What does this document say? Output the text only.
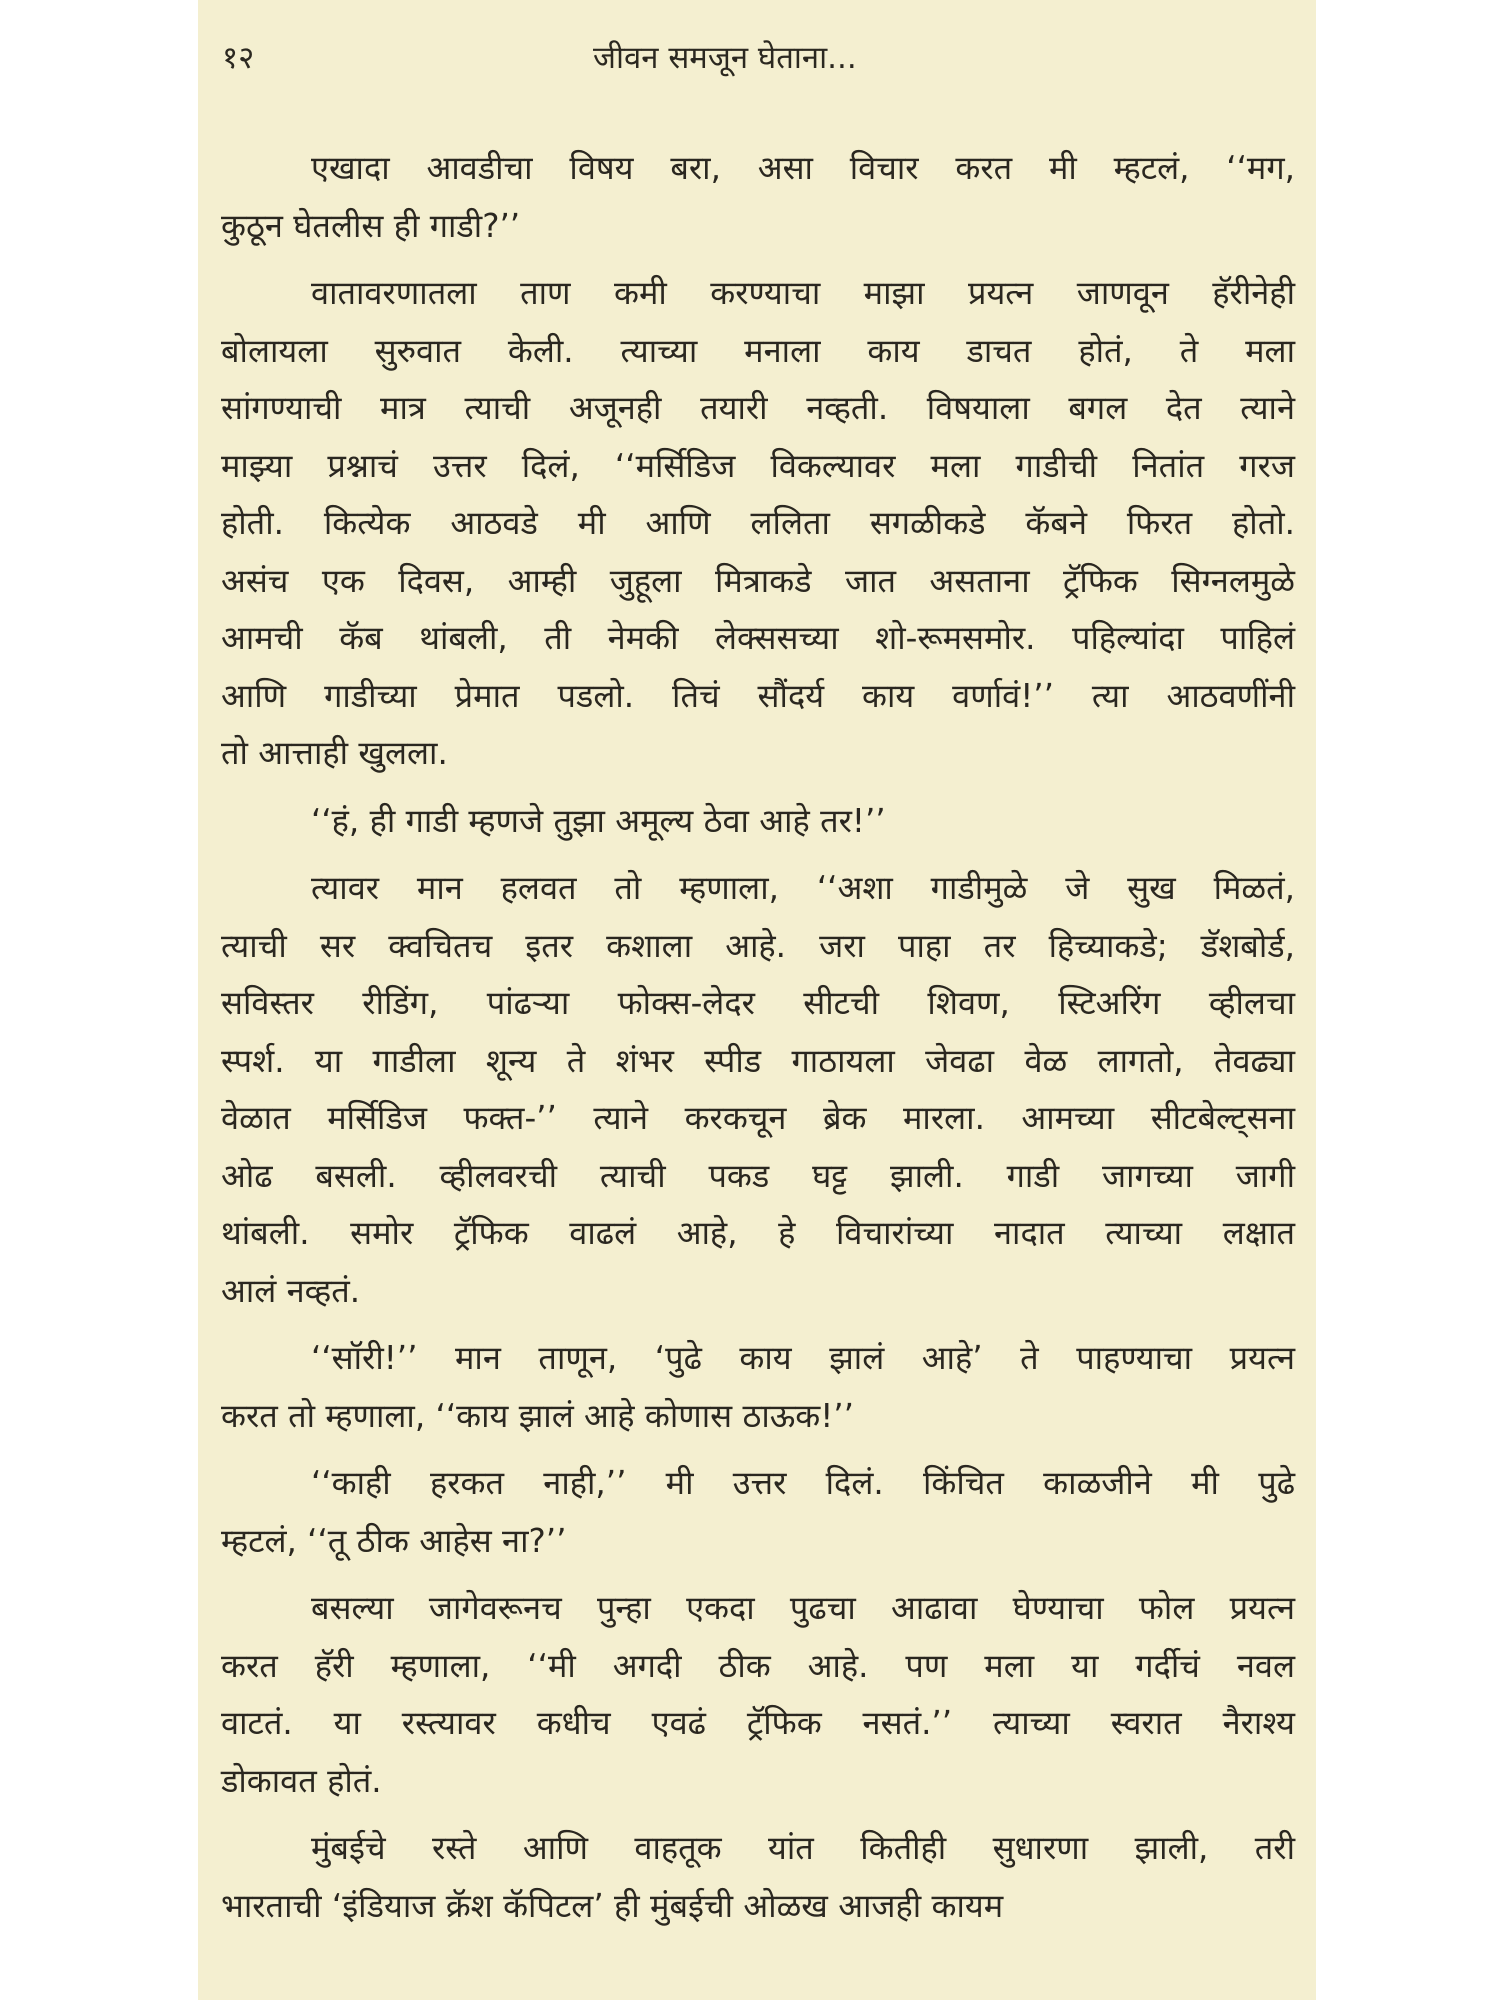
१२	जीवन समजून घेताना...
एखादा आवडीचा विषय बरा, असा विचार करत मी म्हटलं, ‘‘मग,
कुठून घेतलीस ही गाडी?’’
वातावरणातला ताण कमी करण्याचा माझा प्रयत्न जाणवून हॅरीनेही
बोलायला सुरुवात केली. त्याच्या मनाला काय डाचत होतं, ते मला
सांगण्याची मात्र त्याची अजूनही तयारी नव्हती. विषयाला बगल देत त्याने
माझ्या प्रश्नाचं उत्तर दिलं, ‘‘मर्सिडिज विकल्यावर मला गाडीची नितांत गरज
होती. कित्येक आठवडे मी आणि ललिता सगळीकडे कॅबने फिरत होतो.
असंच एक दिवस, आम्ही जुहूला मित्राकडे जात असताना ट्रॅफिक सिग्नलमुळे
आमची कॅब थांबली, ती नेमकी लेक्ससच्या शो-रूमसमोर. पहिल्यांदा पाहिलं
आणि गाडीच्या प्रेमात पडलो. तिचं सौंदर्य काय वर्णावं!’’ त्या आठवणींनी
तो आत्ताही खुलला.
‘‘हं, ही गाडी म्हणजे तुझा अमूल्य ठेवा आहे तर!’’
त्यावर मान हलवत तो म्हणाला, ‘‘अशा गाडीमुळे जे सुख मिळतं,
त्याची सर क्वचितच इतर कशाला आहे. जरा पाहा तर हिच्याकडे; डॅशबोर्ड,
सविस्तर रीडिंग, पांढऱ्या फोक्स-लेदर सीटची शिवण, स्टिअरिंग व्हीलचा
स्पर्श. या गाडीला शून्य ते शंभर स्पीड गाठायला जेवढा वेळ लागतो, तेवढ्या
वेळात मर्सिडिज फक्त-’’ त्याने करकचून ब्रेक मारला. आमच्या सीटबेल्ट्सना
ओढ बसली. व्हीलवरची त्याची पकड घट्ट झाली. गाडी जागच्या जागी
थांबली. समोर ट्रॅफिक वाढलं आहे, हे विचारांच्या नादात त्याच्या लक्षात
आलं नव्हतं.
‘‘सॉरी!’’ मान ताणून, ‘पुढे काय झालं आहे’ ते पाहण्याचा प्रयत्न
करत तो म्हणाला, ‘‘काय झालं आहे कोणास ठाऊक!’’
‘‘काही हरकत नाही,’’ मी उत्तर दिलं. किंचित काळजीने मी पुढे
म्हटलं, ‘‘तू ठीक आहेस ना?’’
बसल्या जागेवरूनच पुन्हा एकदा पुढचा आढावा घेण्याचा फोल प्रयत्न
करत हॅरी म्हणाला, ‘‘मी अगदी ठीक आहे. पण मला या गर्दीचं नवल
वाटतं. या रस्त्यावर कधीच एवढं ट्रॅफिक नसतं.’’ त्याच्या स्वरात नैराश्य
डोकावत होतं.
मुंबईचे रस्ते आणि वाहतूक यांत कितीही सुधारणा झाली, तरी
भारताची ‘इंडियाज क्रॅश कॅपिटल’ ही मुंबईची ओळख आजही कायम
